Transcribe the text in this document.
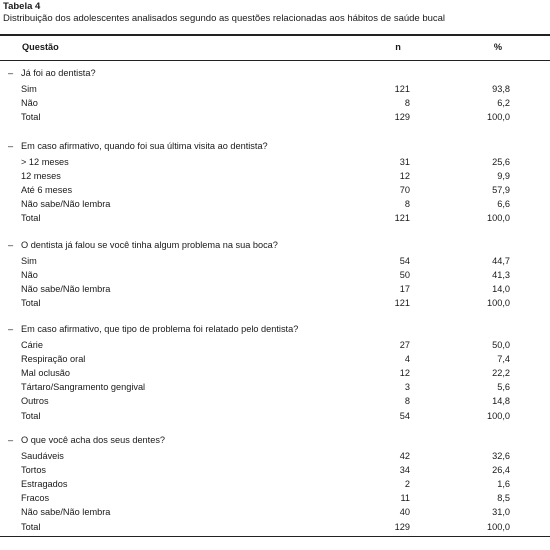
Tabela 4
Distribuição dos adolescentes analisados segundo as questões relacionadas aos hábitos de saúde bucal
Questão	n	%
– Já foi ao dentista?
Sim	121	93,8
Não	8	6,2
Total	129	100,0
– Em caso afirmativo, quando foi sua última visita ao dentista?
> 12 meses	31	25,6
12 meses	12	9,9
Até 6 meses	70	57,9
Não sabe/Não lembra	8	6,6
Total	121	100,0
– O dentista já falou se você tinha algum problema na sua boca?
Sim	54	44,7
Não	50	41,3
Não sabe/Não lembra	17	14,0
Total	121	100,0
– Em caso afirmativo, que tipo de problema foi relatado pelo dentista?
Cárie	27	50,0
Respiração oral	4	7,4
Mal oclusão	12	22,2
Tártaro/Sangramento gengival	3	5,6
Outros	8	14,8
Total	54	100,0
– O que você acha dos seus dentes?
Saudáveis	42	32,6
Tortos	34	26,4
Estragados	2	1,6
Fracos	11	8,5
Não sabe/Não lembra	40	31,0
Total	129	100,0
